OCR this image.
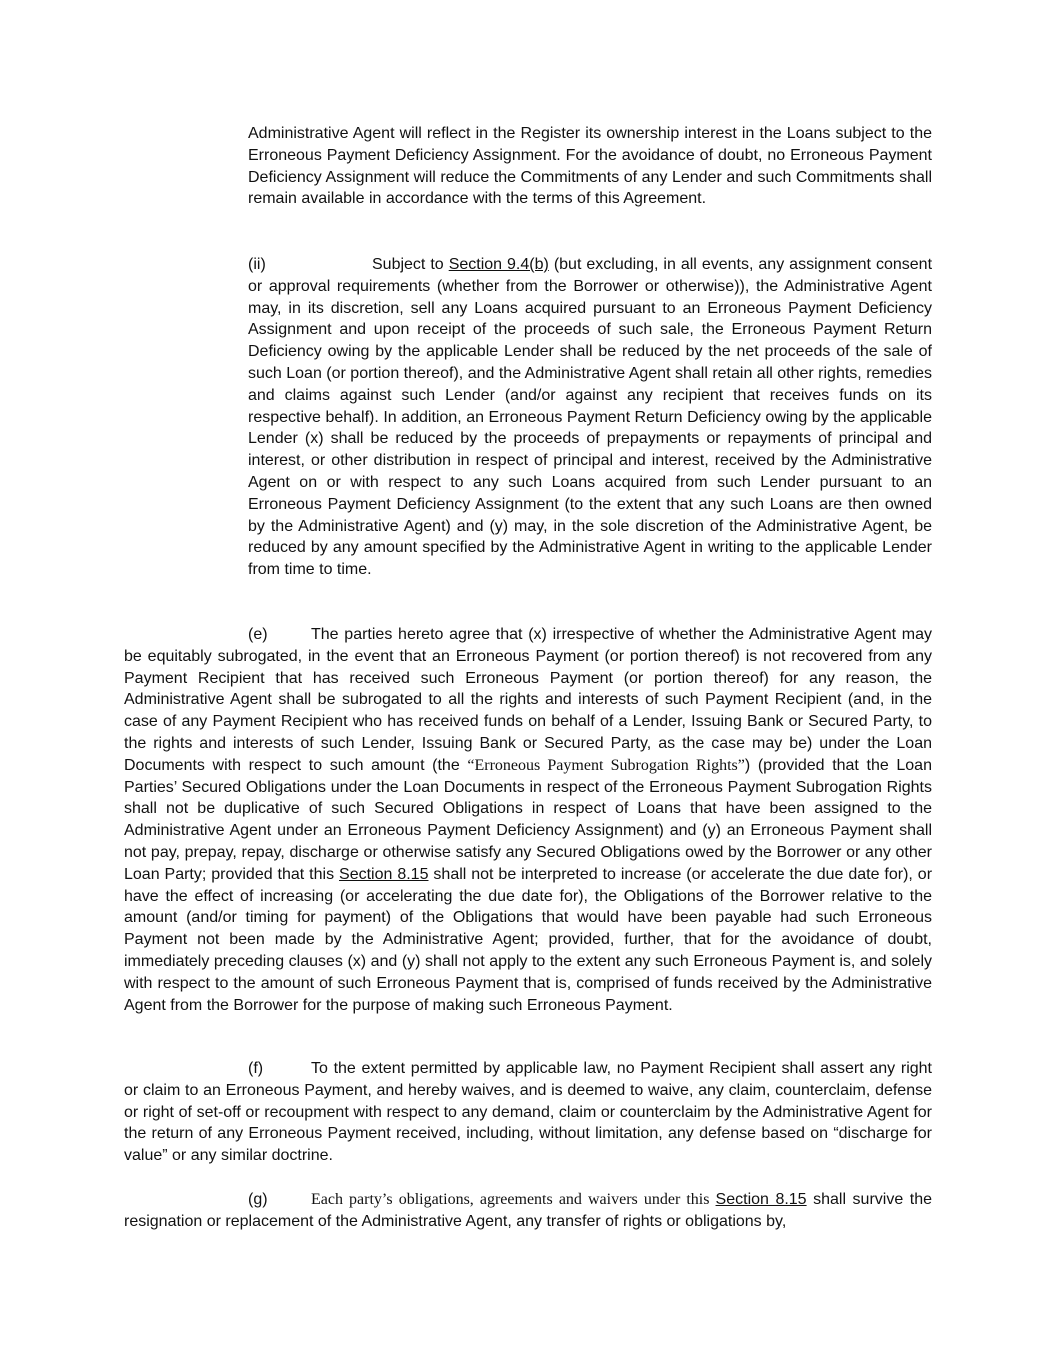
Administrative Agent will reflect in the Register its ownership interest in the Loans subject to the Erroneous Payment Deficiency Assignment. For the avoidance of doubt, no Erroneous Payment Deficiency Assignment will reduce the Commitments of any Lender and such Commitments shall remain available in accordance with the terms of this Agreement.

(ii)	Subject to Section 9.4(b) (but excluding, in all events, any assignment consent or approval requirements (whether from the Borrower or otherwise)), the Administrative Agent may, in its discretion, sell any Loans acquired pursuant to an Erroneous Payment Deficiency Assignment and upon receipt of the proceeds of such sale, the Erroneous Payment Return Deficiency owing by the applicable Lender shall be reduced by the net proceeds of the sale of such Loan (or portion thereof), and the Administrative Agent shall retain all other rights, remedies and claims against such Lender (and/or against any recipient that receives funds on its respective behalf). In addition, an Erroneous Payment Return Deficiency owing by the applicable Lender (x) shall be reduced by the proceeds of prepayments or repayments of principal and interest, or other distribution in respect of principal and interest, received by the Administrative Agent on or with respect to any such Loans acquired from such Lender pursuant to an Erroneous Payment Deficiency Assignment (to the extent that any such Loans are then owned by the Administrative Agent) and (y) may, in the sole discretion of the Administrative Agent, be reduced by any amount specified by the Administrative Agent in writing to the applicable Lender from time to time.

(e)	The parties hereto agree that (x) irrespective of whether the Administrative Agent may be equitably subrogated, in the event that an Erroneous Payment (or portion thereof) is not recovered from any Payment Recipient that has received such Erroneous Payment (or portion thereof) for any reason, the Administrative Agent shall be subrogated to all the rights and interests of such Payment Recipient (and, in the case of any Payment Recipient who has received funds on behalf of a Lender, Issuing Bank or Secured Party, to the rights and interests of such Lender, Issuing Bank or Secured Party, as the case may be) under the Loan Documents with respect to such amount (the “Erroneous Payment Subrogation Rights”) (provided that the Loan Parties’ Secured Obligations under the Loan Documents in respect of the Erroneous Payment Subrogation Rights shall not be duplicative of such Secured Obligations in respect of Loans that have been assigned to the Administrative Agent under an Erroneous Payment Deficiency Assignment) and (y) an Erroneous Payment shall not pay, prepay, repay, discharge or otherwise satisfy any Secured Obligations owed by the Borrower or any other Loan Party; provided that this Section 8.15 shall not be interpreted to increase (or accelerate the due date for), or have the effect of increasing (or accelerating the due date for), the Obligations of the Borrower relative to the amount (and/or timing for payment) of the Obligations that would have been payable had such Erroneous Payment not been made by the Administrative Agent; provided, further, that for the avoidance of doubt, immediately preceding clauses (x) and (y) shall not apply to the extent any such Erroneous Payment is, and solely with respect to the amount of such Erroneous Payment that is, comprised of funds received by the Administrative Agent from the Borrower for the purpose of making such Erroneous Payment.

(f)	To the extent permitted by applicable law, no Payment Recipient shall assert any right or claim to an Erroneous Payment, and hereby waives, and is deemed to waive, any claim, counterclaim, defense or right of set-off or recoupment with respect to any demand, claim or counterclaim by the Administrative Agent for the return of any Erroneous Payment received, including, without limitation, any defense based on “discharge for value” or any similar doctrine.

(g)	Each party’s obligations, agreements and waivers under this Section 8.15 shall survive the resignation or replacement of the Administrative Agent, any transfer of rights or obligations by,
